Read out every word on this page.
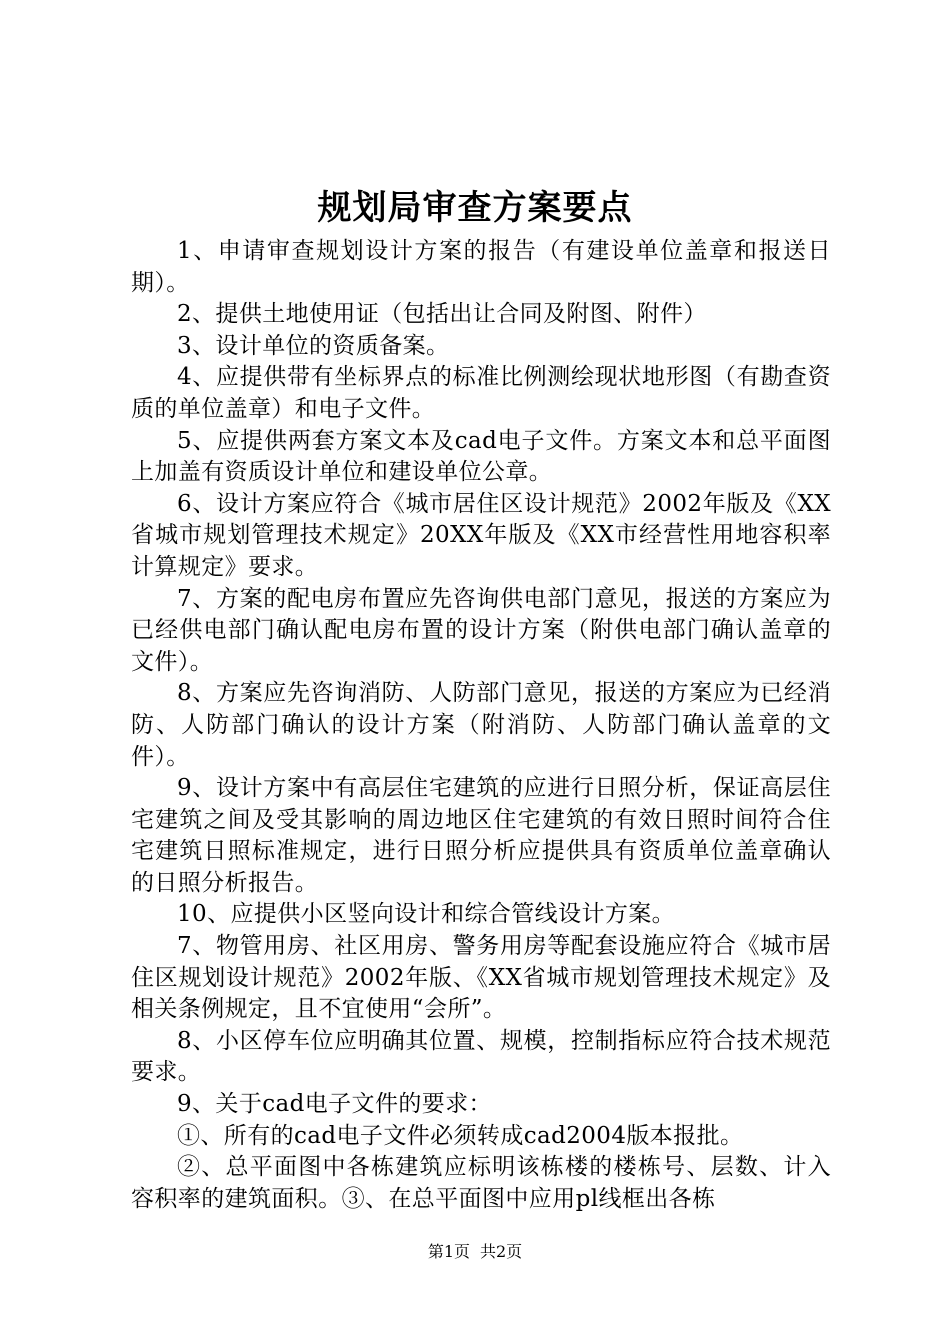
规划局审查方案要点

1、申请审查规划设计方案的报告（有建设单位盖章和报送日期）。

2、提供土地使用证（包括出让合同及附图、附件）

3、设计单位的资质备案。

4、应提供带有坐标界点的标准比例测绘现状地形图（有勘查资质的单位盖章）和电子文件。

5、应提供两套方案文本及cad电子文件。方案文本和总平面图上加盖有资质设计单位和建设单位公章。

6、设计方案应符合《城市居住区设计规范》2002年版及《XX省城市规划管理技术规定》20XX年版及《XX市经营性用地容积率计算规定》要求。

7、方案的配电房布置应先咨询供电部门意见，报送的方案应为已经供电部门确认配电房布置的设计方案（附供电部门确认盖章的文件）。

8、方案应先咨询消防、人防部门意见，报送的方案应为已经消防、人防部门确认的设计方案（附消防、人防部门确认盖章的文件）。

9、设计方案中有高层住宅建筑的应进行日照分析，保证高层住宅建筑之间及受其影响的周边地区住宅建筑的有效日照时间符合住宅建筑日照标准规定，进行日照分析应提供具有资质单位盖章确认的日照分析报告。

10、应提供小区竖向设计和综合管线设计方案。

7、物管用房、社区用房、警务用房等配套设施应符合《城市居住区规划设计规范》2002年版、《XX省城市规划管理技术规定》及相关条例规定，且不宜使用“会所”。

8、小区停车位应明确其位置、规模，控制指标应符合技术规范要求。

9、关于cad电子文件的要求：

①、所有的cad电子文件必须转成cad2004版本报批。

②、总平面图中各栋建筑应标明该栋楼的楼栋号、层数、计入容积率的建筑面积。③、在总平面图中应用pl线框出各栋

第1页 共2页
